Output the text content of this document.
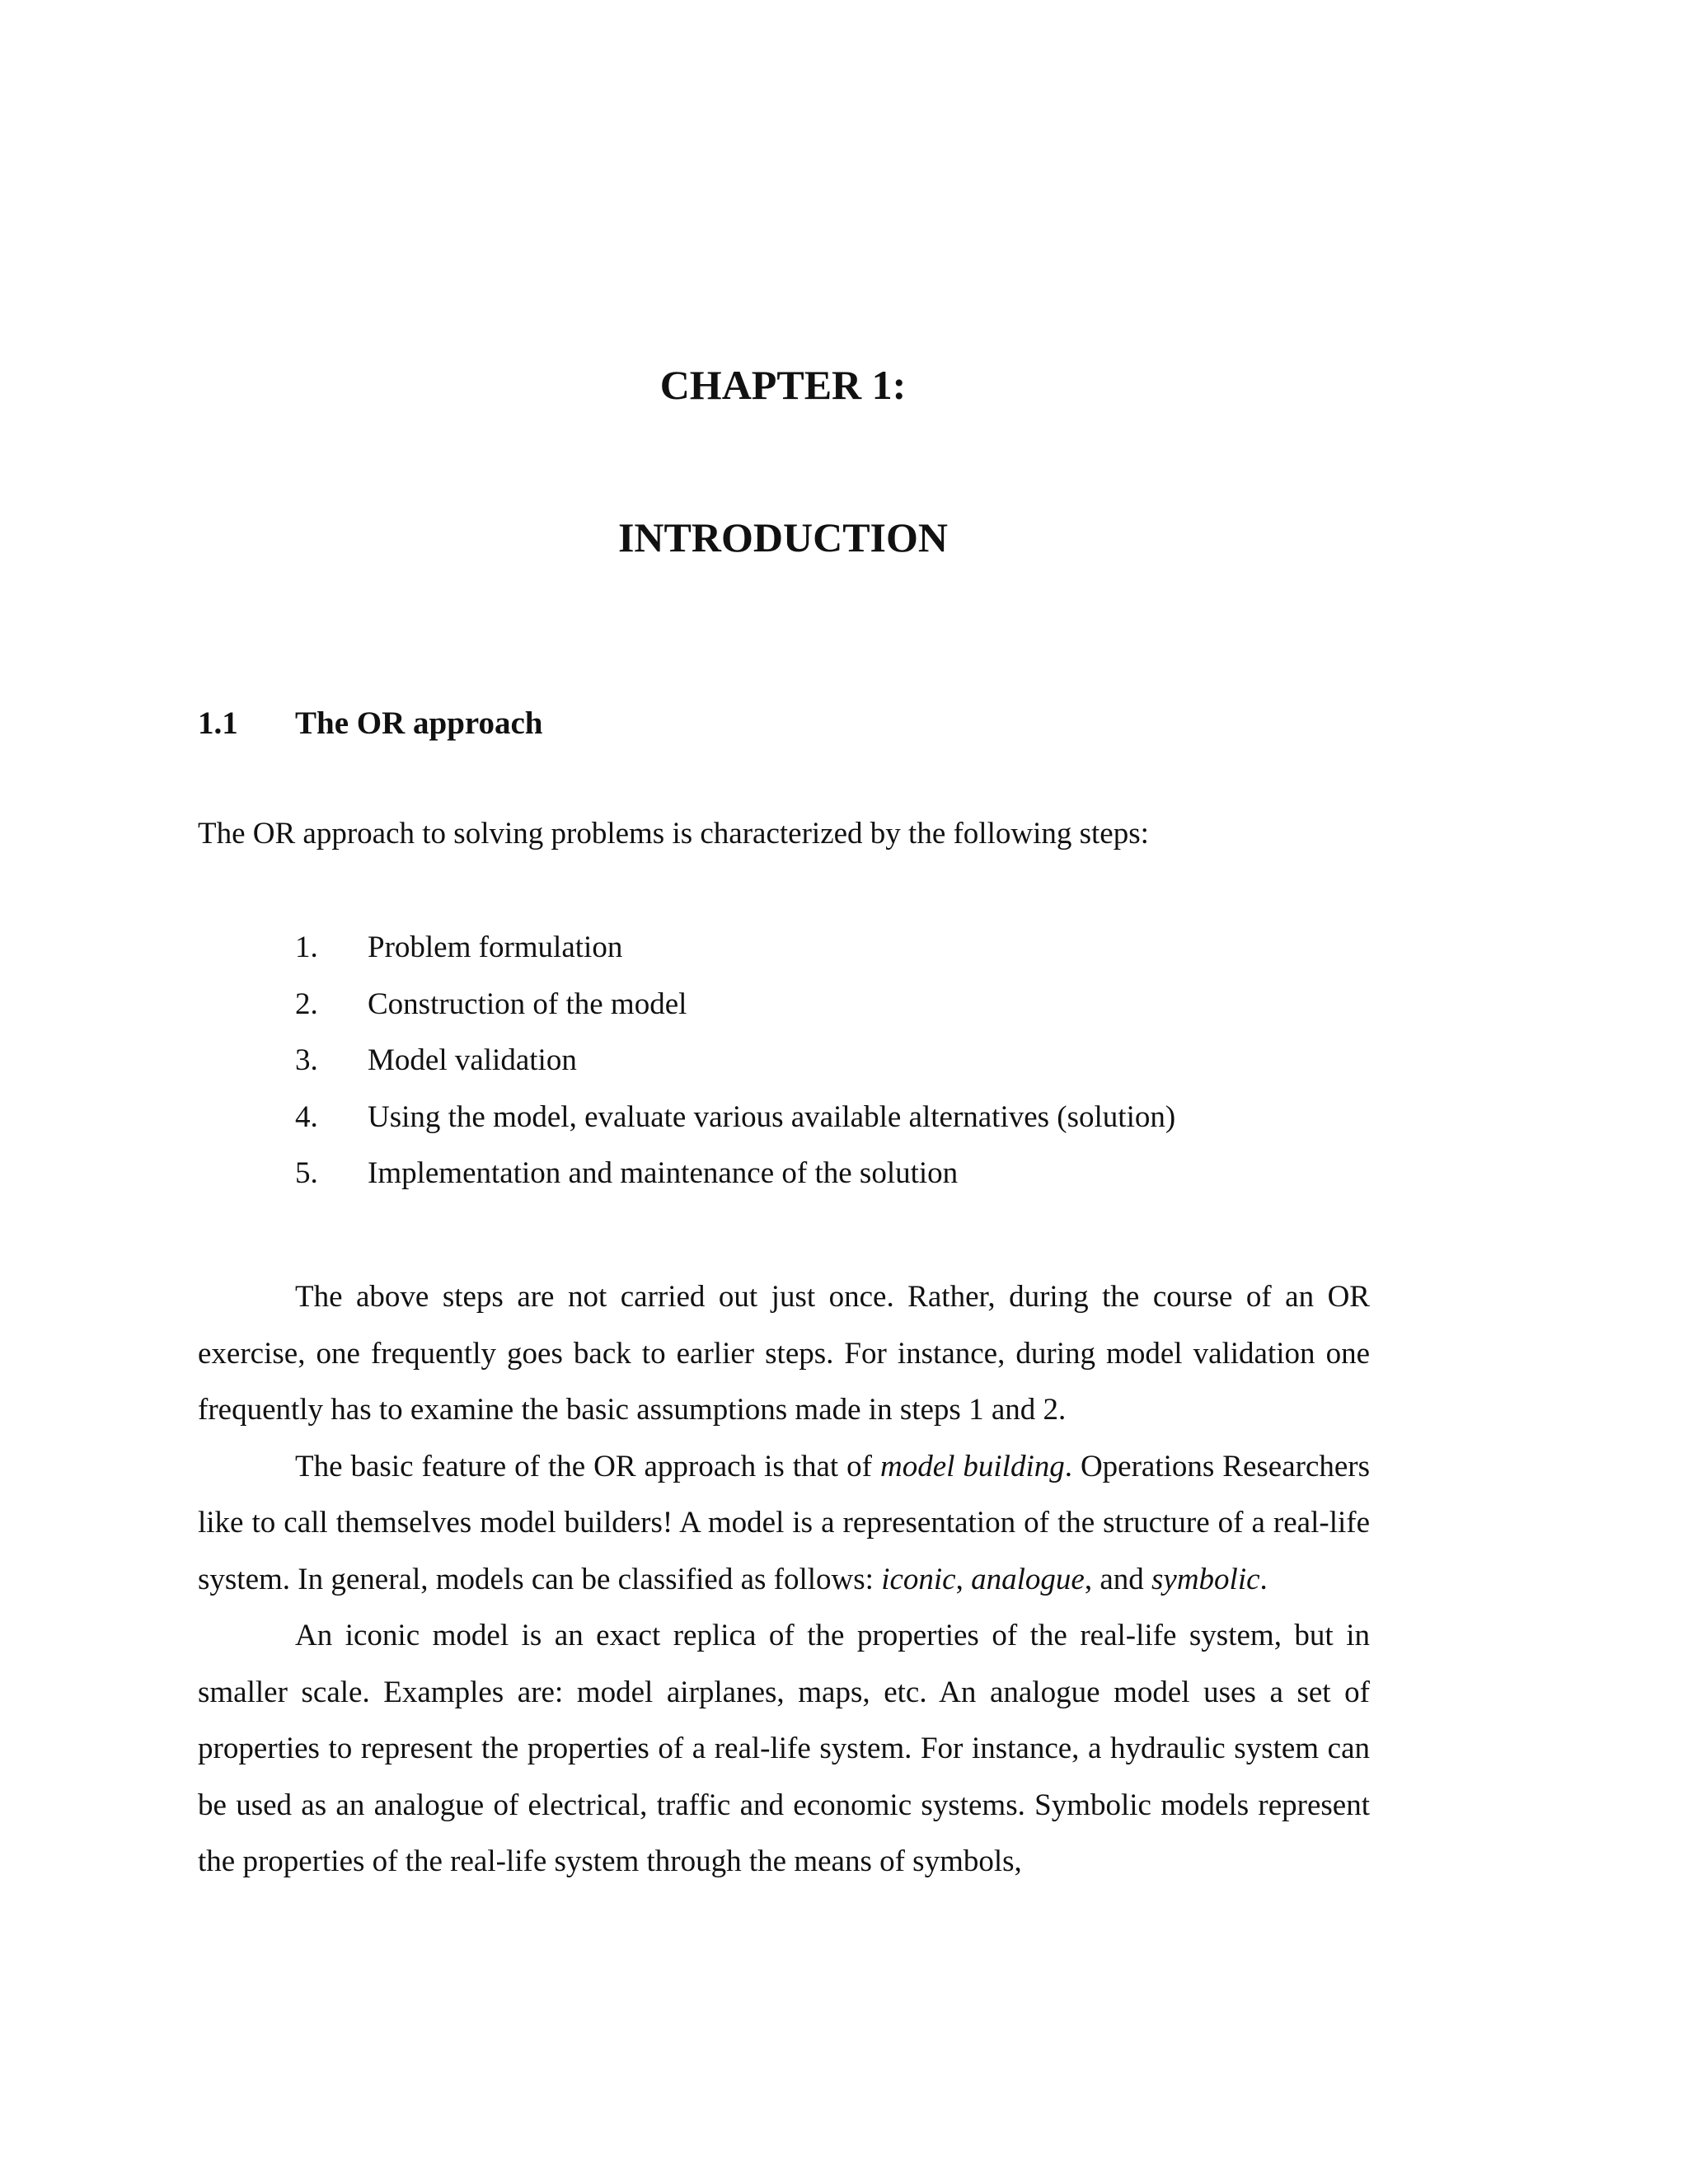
CHAPTER 1:
INTRODUCTION
1.1 The OR approach

The OR approach to solving problems is characterized by the following steps:

1. Problem formulation
2. Construction of the model
3. Model validation
4. Using the model, evaluate various available alternatives (solution)
5. Implementation and maintenance of the solution

The above steps are not carried out just once. Rather, during the course of an OR exercise, one frequently goes back to earlier steps. For instance, during model validation one frequently has to examine the basic assumptions made in steps 1 and 2.

The basic feature of the OR approach is that of model building. Operations Researchers like to call themselves model builders! A model is a representation of the structure of a real-life system. In general, models can be classified as follows: iconic, analogue, and symbolic.

An iconic model is an exact replica of the properties of the real-life system, but in smaller scale. Examples are: model airplanes, maps, etc. An analogue model uses a set of properties to represent the properties of a real-life system. For instance, a hydraulic system can be used as an analogue of electrical, traffic and economic systems. Symbolic models represent the properties of the real-life system through the means of symbols,
